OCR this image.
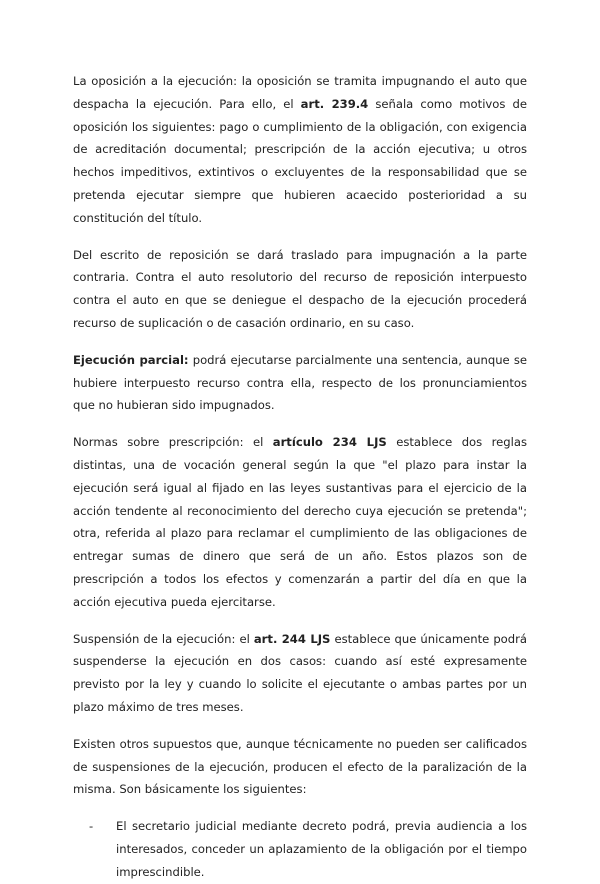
La oposición a la ejecución: la oposición se tramita impugnando el auto que despacha la ejecución. Para ello, el art. 239.4 señala como motivos de oposición los siguientes: pago o cumplimiento de la obligación, con exigencia de acreditación documental; prescripción de la acción ejecutiva; u otros hechos impeditivos, extintivos o excluyentes de la responsabilidad que se pretenda ejecutar siempre que hubieren acaecido posterioridad a su constitución del título.

Del escrito de reposición se dará traslado para impugnación a la parte contraria. Contra el auto resolutorio del recurso de reposición interpuesto contra el auto en que se deniegue el despacho de la ejecución procederá recurso de suplicación o de casación ordinario, en su caso.

Ejecución parcial: podrá ejecutarse parcialmente una sentencia, aunque se hubiere interpuesto recurso contra ella, respecto de los pronunciamientos que no hubieran sido impugnados.

Normas sobre prescripción: el artículo 234 LJS establece dos reglas distintas, una de vocación general según la que "el plazo para instar la ejecución será igual al fijado en las leyes sustantivas para el ejercicio de la acción tendente al reconocimiento del derecho cuya ejecución se pretenda"; otra, referida al plazo para reclamar el cumplimiento de las obligaciones de entregar sumas de dinero que será de un año. Estos plazos son de prescripción a todos los efectos y comenzarán a partir del día en que la acción ejecutiva pueda ejercitarse.

Suspensión de la ejecución: el art. 244 LJS establece que únicamente podrá suspenderse la ejecución en dos casos: cuando así esté expresamente previsto por la ley y cuando lo solicite el ejecutante o ambas partes por un plazo máximo de tres meses.

Existen otros supuestos que, aunque técnicamente no pueden ser calificados de suspensiones de la ejecución, producen el efecto de la paralización de la misma. Son básicamente los siguientes:

-	El secretario judicial mediante decreto podrá, previa audiencia a los interesados, conceder un aplazamiento de la obligación por el tiempo imprescindible.
